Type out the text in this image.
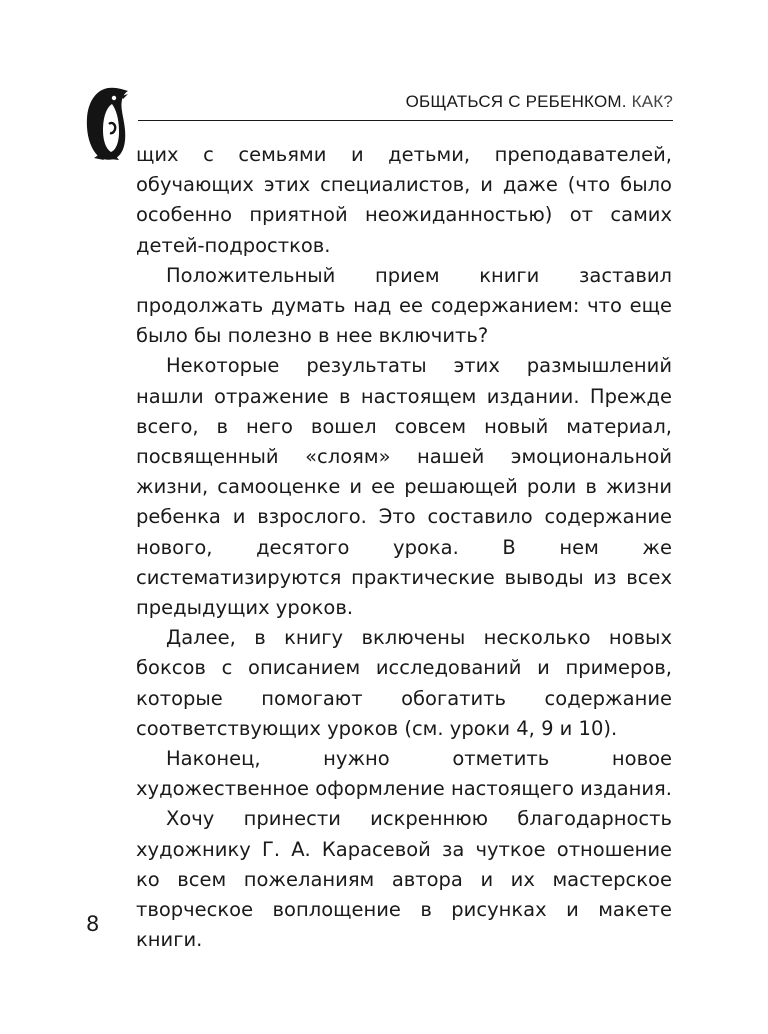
ОБЩАТЬСЯ С РЕБЕНКОМ. КАК?

щих с семьями и детьми, преподавателей, обучающих этих специалистов, и даже (что было особенно приятной неожиданностью) от самих детей-подростков.

Положительный прием книги заставил продолжать думать над ее содержанием: что еще было бы полезно в нее включить?

Некоторые результаты этих размышлений нашли отражение в настоящем издании. Прежде всего, в него вошел совсем новый материал, посвященный «слоям» нашей эмоциональной жизни, самооценке и ее решающей роли в жизни ребенка и взрослого. Это составило содержание нового, десятого урока. В нем же систематизируются практические выводы из всех предыдущих уроков.

Далее, в книгу включены несколько новых боксов с описанием исследований и примеров, которые помогают обогатить содержание соответствующих уроков (см. уроки 4, 9 и 10).

Наконец, нужно отметить новое художественное оформление настоящего издания.

Хочу принести искреннюю благодарность художнику Г. А. Карасевой за чуткое отношение ко всем пожеланиям автора и их мастерское творческое воплощение в рисунках и макете книги.

8
